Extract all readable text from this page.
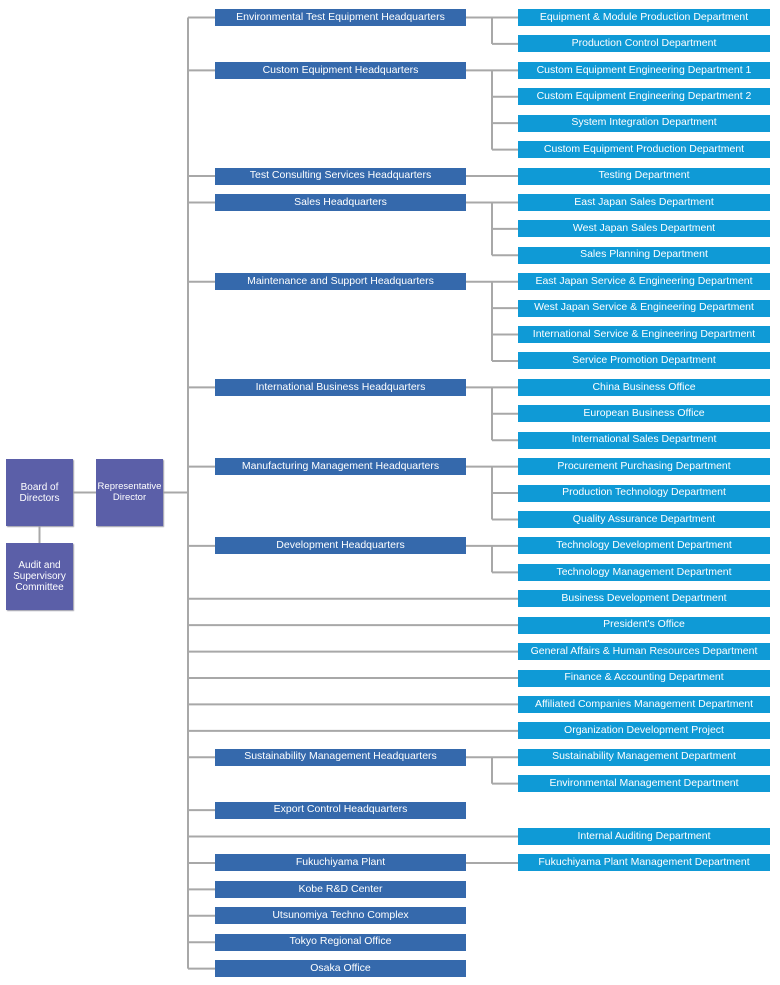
Board of Directors
Audit and Supervisory Committee
Representative Director
Environmental Test Equipment Headquarters	Equipment & Module Production Department
Production Control Department
Custom Equipment Headquarters	Custom Equipment Engineering Department 1
Custom Equipment Engineering Department 2
System Integration Department
Custom Equipment Production Department
Test Consulting Services Headquarters	Testing Department
Sales Headquarters	East Japan Sales Department
West Japan Sales Department
Sales Planning Department
Maintenance and Support Headquarters	East Japan Service & Engineering Department
West Japan Service & Engineering Department
International Service & Engineering Department
Service Promotion Department
International Business Headquarters	China Business Office
European Business Office
International Sales Department
Manufacturing Management Headquarters	Procurement Purchasing Department
Production Technology Department
Quality Assurance Department
Development Headquarters	Technology Development Department
Technology Management Department
Business Development Department
President's Office
General Affairs & Human Resources Department
Finance & Accounting Department
Affiliated Companies Management Department
Organization Development Project
Sustainability Management Headquarters	Sustainability Management Department
Environmental Management Department
Export Control Headquarters
Internal Auditing Department
Fukuchiyama Plant	Fukuchiyama Plant Management Department
Kobe R&D Center
Utsunomiya Techno Complex
Tokyo Regional Office
Osaka Office
